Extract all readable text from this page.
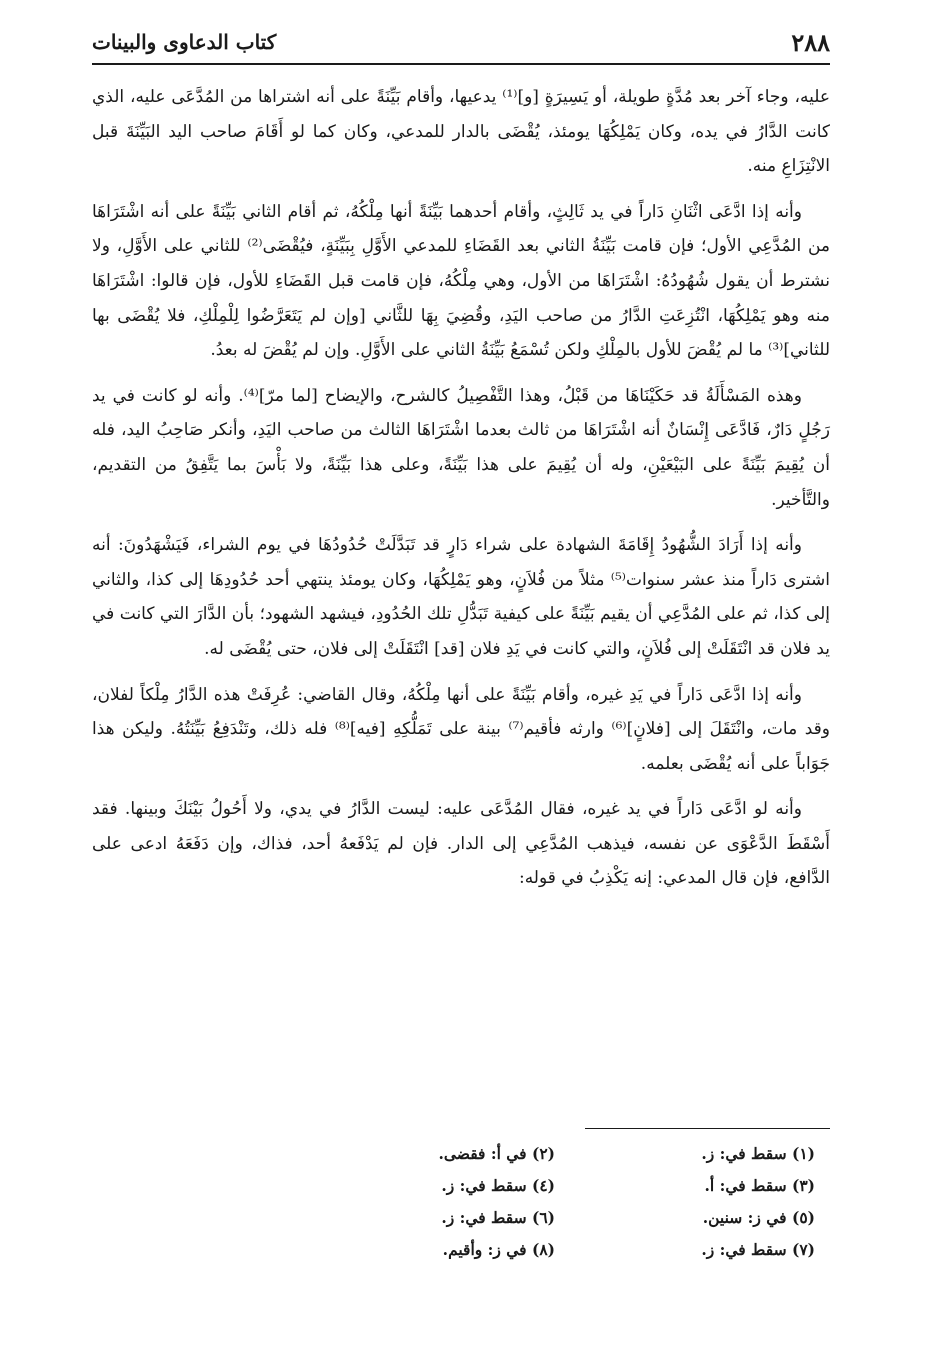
٢٨٨
كتاب الدعاوى والبينات

عليه، وجاء آخر بعد مُدَّةٍ طويلة، أو يَسِيرَةٍ [و]⁽¹⁾ يدعيها، وأقام بَيِّنَةً على أنه اشتراها من المُدَّعَى عليه، الذي كانت الدَّارُ في يده، وكان يَمْلِكُهَا يومئذ، يُقْضَى بالدار للمدعي، وكان كما لو أَقَامَ صاحب اليد البَيِّنَةَ قبل الانْتِزَاعِ منه.

وأنه إذا ادَّعَى اثْنَانِ دَاراً في يد ثَالِثٍ، وأقام أحدهما بَيِّنَةً أنها مِلْكُهُ، ثم أقام الثاني بَيِّنَةً على أنه اشْتَرَاهَا من المُدَّعِي الأول؛ فإن قامت بَيِّنَةُ الثاني بعد القَضَاءِ للمدعي الأَوَّلِ بِبَيِّنَةٍ، فيُقْضَى⁽²⁾ للثاني على الأَوَّلِ، ولا نشترط أن يقول شُهُودُهُ: اشْتَرَاهَا من الأول، وهي مِلْكُهُ، فإن قامت قبل القَضَاءِ للأول، فإن قالوا: اشْتَرَاهَا منه وهو يَمْلِكُهَا، انْتُزِعَتِ الدَّارُ من صاحب اليَدِ، وقُضِيَ بِهَا للثَّاني [وإن لم يَتَعَرَّضُوا لِلْمِلْكِ، فلا يُقْضَى بها للثاني]⁽³⁾ ما لم يُقْضَ للأول بالمِلْكِ ولكن تُسْمَعُ بَيِّنَةُ الثاني على الأَوَّلِ. وإن لم يُقْضَ له بعدُ.

وهذه المَسْأَلَةُ قد حَكَيْنَاهَا من قَبْلُ، وهذا التَّفْصِيلُ كالشرح، والإيضاح [لما مرّ]⁽⁴⁾. وأنه لو كانت في يد رَجُلٍ دَارٌ، فَادَّعَى إِنْسَانٌ أنه اشْتَرَاهَا من ثالث بعدما اشْتَرَاهَا الثالث من صاحب اليَدِ، وأنكر صَاحِبُ اليد، فله أن يُقِيمَ بَيِّنَةً على البَيْعَيْنِ، وله أن يُقِيمَ على هذا بَيِّنَةً، وعلى هذا بَيِّنَةً، ولا بَأْسَ بما يَتَّفِقُ من التقديم، والتَّأخير.

وأنه إذا أَرَادَ الشُّهُودُ إِقَامَةَ الشهادة على شراء دَارٍ قد تَبَدَّلَتْ حُدُودُهَا في يوم الشراء، فَيَشْهَدُونَ: أنه اشترى دَاراً منذ عشر سنوات⁽⁵⁾ مثلاً من فُلاَنٍ، وهو يَمْلِكُهَا، وكان يومئذ ينتهي أحد حُدُودِهَا إلى كذا، والثاني إلى كذا، ثم على المُدَّعِي أن يقيم بَيِّنَةً على كيفية تَبَدُّلِ تلك الحُدُودِ، فيشهد الشهود؛ بأن الدَّارَ التي كانت في يد فلان قد انْتَقَلَتْ إلى فُلاَنٍ، والتي كانت في يَدِ فلان [قد] انْتَقَلَتْ إلى فلان، حتى يُقْضَى له.

وأنه إذا ادَّعَى دَاراً في يَدِ غيره، وأقام بَيِّنَةً على أنها مِلْكُهُ، وقال القاضي: عُرِفَتْ هذه الدَّارُ مِلْكاً لفلان، وقد مات، وانْتَقَلَ إلى [فلانٍ]⁽⁶⁾ وارثه فأقيم⁽⁷⁾ بينة على تَمَلُّكِهِ [فيه]⁽⁸⁾ فله ذلك، وتَنْدَفِعُ بَيِّنَتُهُ. وليكن هذا جَوَاباً على أنه يُقْضَى بعلمه.

وأنه لو ادَّعَى دَاراً في يد غيره، فقال المُدَّعَى عليه: ليست الدَّارُ في يدي، ولا أَحُولُ بَيْنَكَ وبينها. فقد أَسْقَطَ الدَّعْوَى عن نفسه، فيذهب المُدَّعِي إلى الدار. فإن لم يَدْفَعهُ أحد، فذاك، وإن دَفَعَهُ ادعى على الدَّافع، فإن قال المدعي: إنه يَكْذِبُ في قوله:

(١) سقط في: ز.
(٢) في أ: فقضى.
(٣) سقط في: أ.
(٤) سقط في: ز.
(٥) في ز: سنين.
(٦) سقط في: ز.
(٧) سقط في: ز.
(٨) في ز: وأقيم.
